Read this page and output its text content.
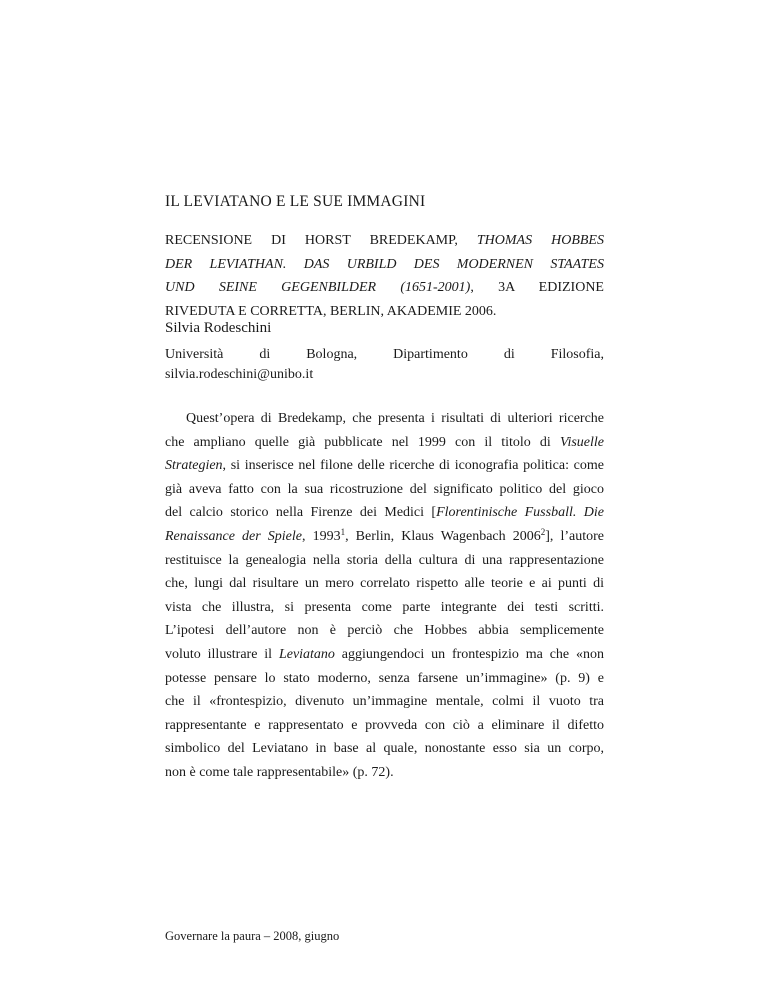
IL LEVIATANO E LE SUE IMMAGINI
RECENSIONE DI HORST BREDEKAMP, THOMAS HOBBES
DER LEVIATHAN. DAS URBILD DES MODERNEN STAATES
UND SEINE GEGENBILDER (1651-2001), 3A EDIZIONE
RIVEDUTA E CORRETTA, BERLIN, AKADEMIE 2006.
Silvia Rodeschini
Università di Bologna, Dipartimento di Filosofia,
silvia.rodeschini@unibo.it
Quest’opera di Bredekamp, che presenta i risultati di ulteriori ricerche
che ampliano quelle già pubblicate nel 1999 con il titolo di Visuelle
Strategien, si inserisce nel filone delle ricerche di iconografia politica: come
già aveva fatto con la sua ricostruzione del significato politico del gioco
del calcio storico nella Firenze dei Medici [Florentinische Fussball. Die
Renaissance der Spiele, 1993$^1$, Berlin, Klaus Wagenbach 2006$^2$], l’autore
restituisce la genealogia nella storia della cultura di una rappresentazione
che, lungi dal risultare un mero correlato rispetto alle teorie e ai punti di
vista che illustra, si presenta come parte integrante dei testi scritti.
L’ipotesi dell’autore non è perciò che Hobbes abbia semplicemente
voluto illustrare il Leviatano aggiungendoci un frontespizio ma che «non
potesse pensare lo stato moderno, senza farsene un’immagine» (p. 9) e
che il «frontespizio, divenuto un’immagine mentale, colmi il vuoto tra
rappresentante e rappresentato e provveda con ciò a eliminare il difetto
simbolico del Leviatano in base al quale, nonostante esso sia un corpo,
non è come tale rappresentabile» (p. 72).
Governare la paura – 2008, giugno
